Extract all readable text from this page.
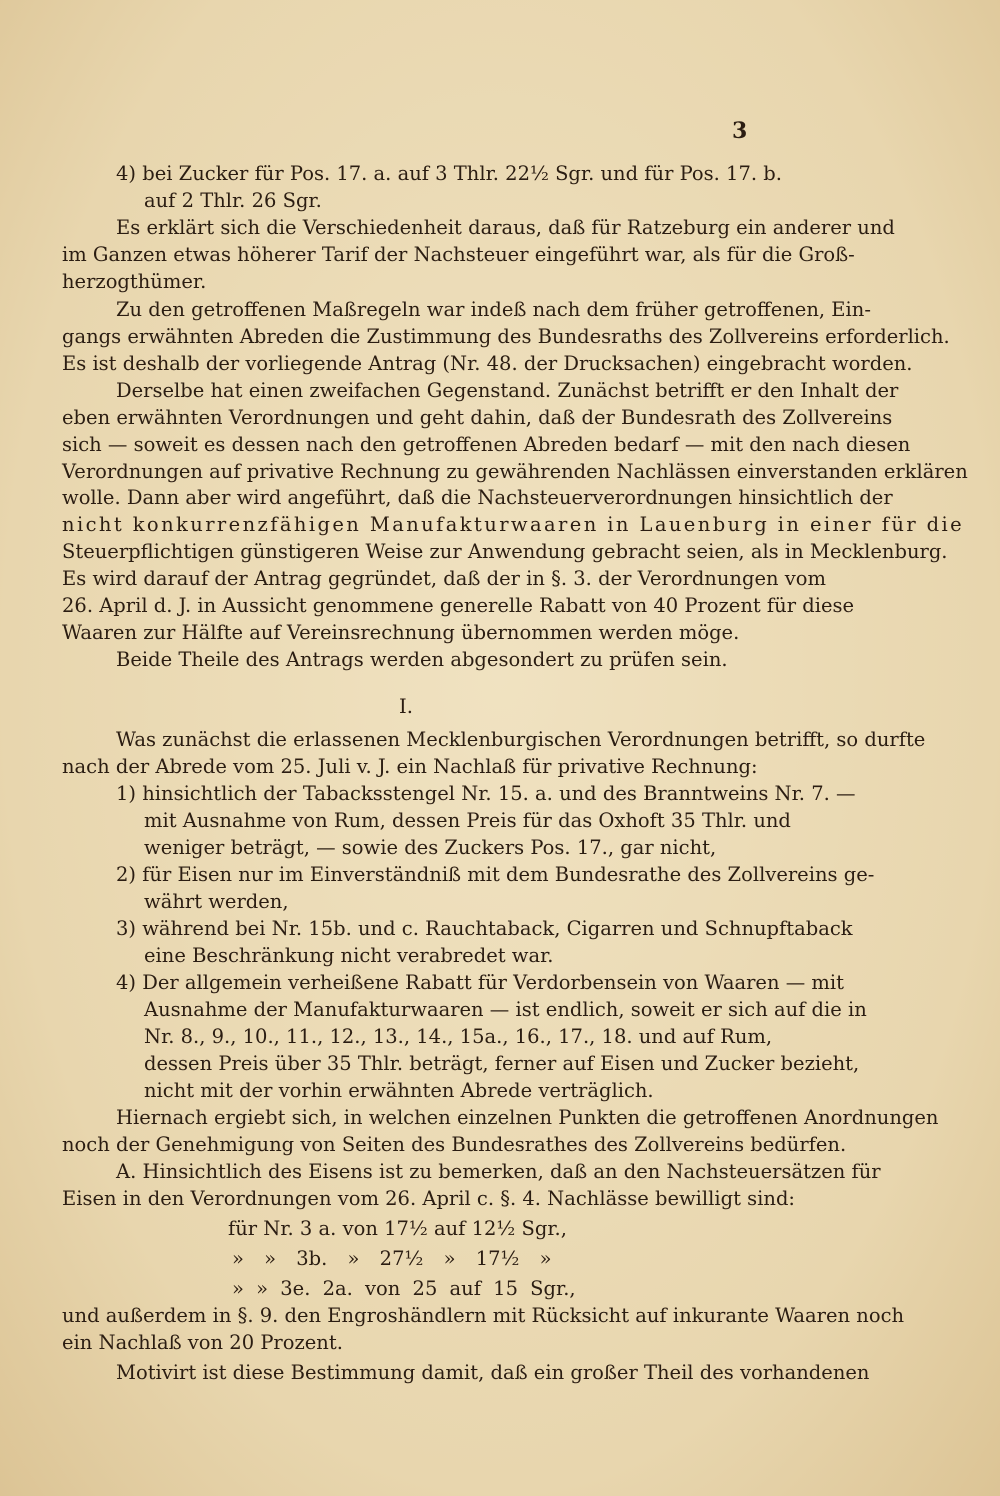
3
4) bei Zucker für Pos. 17. a. auf 3 Thlr. 22½ Sgr. und für Pos. 17. b.
auf 2 Thlr. 26 Sgr.
Es erklärt sich die Verschiedenheit daraus, daß für Ratzeburg ein anderer und
im Ganzen etwas höherer Tarif der Nachsteuer eingeführt war, als für die Groß-
herzogthümer.
Zu den getroffenen Maßregeln war indeß nach dem früher getroffenen, Ein-
gangs erwähnten Abreden die Zustimmung des Bundesraths des Zollvereins erforderlich.
Es ist deshalb der vorliegende Antrag (Nr. 48. der Drucksachen) eingebracht worden.
Derselbe hat einen zweifachen Gegenstand. Zunächst betrifft er den Inhalt der
eben erwähnten Verordnungen und geht dahin, daß der Bundesrath des Zollvereins
sich — soweit es dessen nach den getroffenen Abreden bedarf — mit den nach diesen
Verordnungen auf privative Rechnung zu gewährenden Nachlässen einverstanden erklären
wolle. Dann aber wird angeführt, daß die Nachsteuerverordnungen hinsichtlich der
nicht konkurrenzfähigen Manufakturwaaren in Lauenburg in einer für die
Steuerpflichtigen günstigeren Weise zur Anwendung gebracht seien, als in Mecklenburg.
Es wird darauf der Antrag gegründet, daß der in §. 3. der Verordnungen vom
26. April d. J. in Aussicht genommene generelle Rabatt von 40 Prozent für diese
Waaren zur Hälfte auf Vereinsrechnung übernommen werden möge.
Beide Theile des Antrags werden abgesondert zu prüfen sein.
I.
Was zunächst die erlassenen Mecklenburgischen Verordnungen betrifft, so durfte
nach der Abrede vom 25. Juli v. J. ein Nachlaß für privative Rechnung:
1) hinsichtlich der Tabacksstengel Nr. 15. a. und des Branntweins Nr. 7. —
mit Ausnahme von Rum, dessen Preis für das Oxhoft 35 Thlr. und
weniger beträgt, — sowie des Zuckers Pos. 17., gar nicht,
2) für Eisen nur im Einverständniß mit dem Bundesrathe des Zollvereins ge-
währt werden,
3) während bei Nr. 15b. und c. Rauchtaback, Cigarren und Schnupftaback
eine Beschränkung nicht verabredet war.
4) Der allgemein verheißene Rabatt für Verdorbensein von Waaren — mit
Ausnahme der Manufakturwaaren — ist endlich, soweit er sich auf die in
Nr. 8., 9., 10., 11., 12., 13., 14., 15a., 16., 17., 18. und auf Rum,
dessen Preis über 35 Thlr. beträgt, ferner auf Eisen und Zucker bezieht,
nicht mit der vorhin erwähnten Abrede verträglich.
Hiernach ergiebt sich, in welchen einzelnen Punkten die getroffenen Anordnungen
noch der Genehmigung von Seiten des Bundesrathes des Zollvereins bedürfen.
A. Hinsichtlich des Eisens ist zu bemerken, daß an den Nachsteuersätzen für
Eisen in den Verordnungen vom 26. April c. §. 4. Nachlässe bewilligt sind:
für Nr. 3 a. von 17½ auf 12½ Sgr.,
» » 3b. » 27½ » 17½ »
» » 3e. 2a. von 25 auf 15 Sgr.,
und außerdem in §. 9. den Engroshändlern mit Rücksicht auf inkurante Waaren noch
ein Nachlaß von 20 Prozent.
Motivirt ist diese Bestimmung damit, daß ein großer Theil des vorhandenen
